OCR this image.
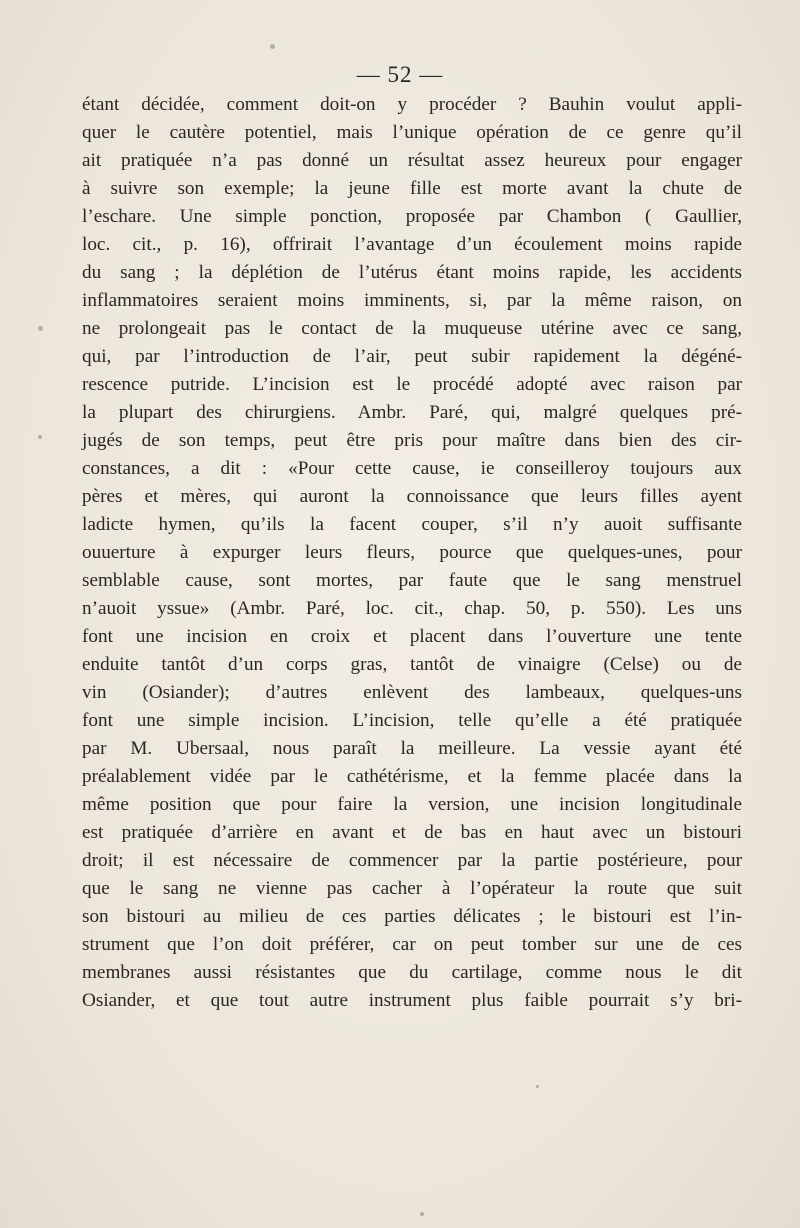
— 52 —
étant décidée, comment doit-on y procéder ? Bauhin voulut appli-
quer le cautère potentiel, mais l’unique opération de ce genre qu’il
ait pratiquée n’a pas donné un résultat assez heureux pour engager
à suivre son exemple; la jeune fille est morte avant la chute de
l’eschare. Une simple ponction, proposée par Chambon ( Gaullier,
loc. cit., p. 16), offrirait l’avantage d’un écoulement moins rapide
du sang ; la déplétion de l’utérus étant moins rapide, les accidents
inflammatoires seraient moins imminents, si, par la même raison, on
ne prolongeait pas le contact de la muqueuse utérine avec ce sang,
qui, par l’introduction de l’air, peut subir rapidement la dégéné-
rescence putride. L’incision est le procédé adopté avec raison par
la plupart des chirurgiens. Ambr. Paré, qui, malgré quelques pré-
jugés de son temps, peut être pris pour maître dans bien des cir-
constances, a dit : «Pour cette cause, ie conseilleroy toujours aux
pères et mères, qui auront la connoissance que leurs filles ayent
ladicte hymen, qu’ils la facent couper, s’il n’y auoit suffisante
ouuerture à expurger leurs fleurs, pource que quelques-unes, pour
semblable cause, sont mortes, par faute que le sang menstruel
n’auoit yssue» (Ambr. Paré, loc. cit., chap. 50, p. 550). Les uns
font une incision en croix et placent dans l’ouverture une tente
enduite tantôt d’un corps gras, tantôt de vinaigre (Celse) ou de
vin (Osiander); d’autres enlèvent des lambeaux, quelques-uns
font une simple incision. L’incision, telle qu’elle a été pratiquée
par M. Ubersaal, nous paraît la meilleure. La vessie ayant été
préalablement vidée par le cathétérisme, et la femme placée dans la
même position que pour faire la version, une incision longitudinale
est pratiquée d’arrière en avant et de bas en haut avec un bistouri
droit; il est nécessaire de commencer par la partie postérieure, pour
que le sang ne vienne pas cacher à l’opérateur la route que suit
son bistouri au milieu de ces parties délicates ; le bistouri est l’in-
strument que l’on doit préférer, car on peut tomber sur une de ces
membranes aussi résistantes que du cartilage, comme nous le dit
Osiander, et que tout autre instrument plus faible pourrait s’y bri-
